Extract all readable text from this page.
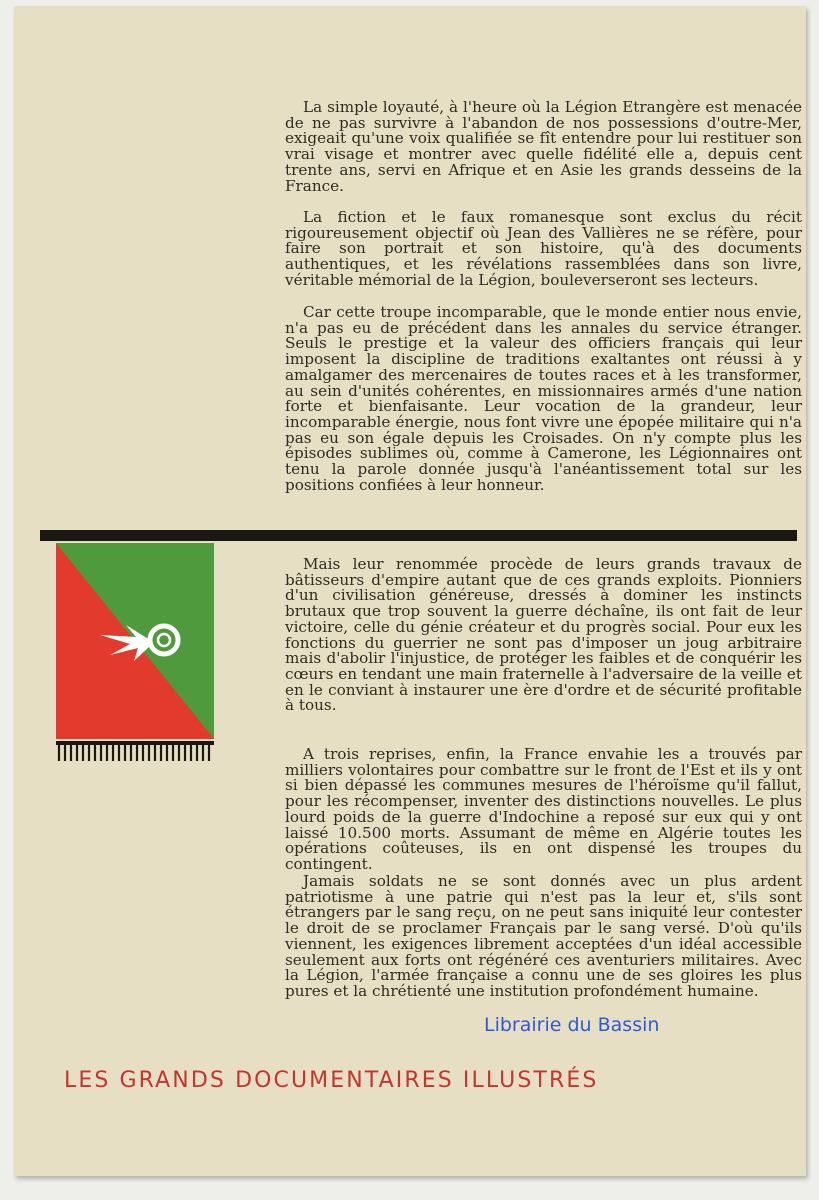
La simple loyauté, à l'heure où la Légion Etrangère est menacée de ne pas survivre à l'abandon de nos possessions d'outre-Mer, exigeait qu'une voix qualifiée se fît entendre pour lui restituer son vrai visage et montrer avec quelle fidélité elle a, depuis cent trente ans, servi en Afrique et en Asie les grands desseins de la France.

La fiction et le faux romanesque sont exclus du récit rigoureusement objectif où Jean des Vallières ne se réfère, pour faire son portrait et son histoire, qu'à des documents authentiques, et les révélations rassemblées dans son livre, véritable mémorial de la Légion, bouleverseront ses lecteurs.

Car cette troupe incomparable, que le monde entier nous envie, n'a pas eu de précédent dans les annales du service étranger. Seuls le prestige et la valeur des officiers français qui leur imposent la discipline de traditions exaltantes ont réussi à y amalgamer des mercenaires de toutes races et à les transformer, au sein d'unités cohérentes, en missionnaires armés d'une nation forte et bienfaisante. Leur vocation de la grandeur, leur incomparable énergie, nous font vivre une épopée militaire qui n'a pas eu son égale depuis les Croisades. On n'y compte plus les épisodes sublimes où, comme à Camerone, les Légionnaires ont tenu la parole donnée jusqu'à l'anéantissement total sur les positions confiées à leur honneur.

Mais leur renommée procède de leurs grands travaux de bâtisseurs d'empire autant que de ces grands exploits. Pionniers d'un civilisation généreuse, dressés à dominer les instincts brutaux que trop souvent la guerre déchaîne, ils ont fait de leur victoire, celle du génie créateur et du progrès social. Pour eux les fonctions du guerrier ne sont pas d'imposer un joug arbitraire mais d'abolir l'injustice, de protéger les faibles et de conquérir les cœurs en tendant une main fraternelle à l'adversaire de la veille et en le conviant à instaurer une ère d'ordre et de sécurité profitable à tous.

A trois reprises, enfin, la France envahie les a trouvés par milliers volontaires pour combattre sur le front de l'Est et ils y ont si bien dépassé les communes mesures de l'héroïsme qu'il fallut, pour les récompenser, inventer des distinctions nouvelles. Le plus lourd poids de la guerre d'Indochine a reposé sur eux qui y ont laissé 10.500 morts. Assumant de même en Algérie toutes les opérations coûteuses, ils en ont dispensé les troupes du contingent.

Jamais soldats ne se sont donnés avec un plus ardent patriotisme à une patrie qui n'est pas la leur et, s'ils sont étrangers par le sang reçu, on ne peut sans iniquité leur contester le droit de se proclamer Français par le sang versé. D'où qu'ils viennent, les exigences librement acceptées d'un idéal accessible seulement aux forts ont régénéré ces aventuriers militaires. Avec la Légion, l'armée française a connu une de ses gloires les plus pures et la chrétienté une institution profondément humaine.

Librairie du Bassin
LES GRANDS DOCUMENTAIRES ILLUSTRÉS
